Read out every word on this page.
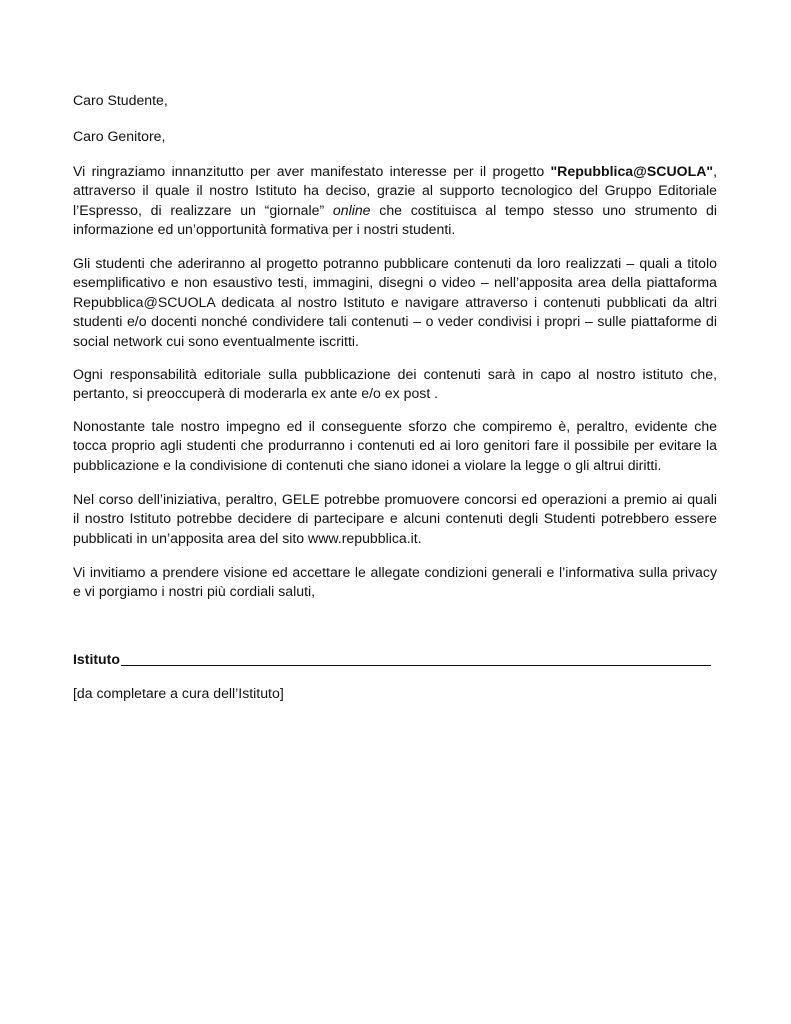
Caro Studente,

Caro Genitore,

Vi ringraziamo innanzitutto per aver manifestato interesse per il progetto "Repubblica@SCUOLA", attraverso il quale il nostro Istituto ha deciso, grazie al supporto tecnologico del Gruppo Editoriale l’Espresso, di realizzare un “giornale” online che costituisca al tempo stesso uno strumento di informazione ed un’opportunità formativa per i nostri studenti.

Gli studenti che aderiranno al progetto potranno pubblicare contenuti da loro realizzati – quali a titolo esemplificativo e non esaustivo testi, immagini, disegni o video – nell’apposita area della piattaforma Repubblica@SCUOLA dedicata al nostro Istituto e navigare attraverso i contenuti pubblicati da altri studenti e/o docenti nonché condividere tali contenuti – o veder condivisi i propri – sulle piattaforme di social network cui sono eventualmente iscritti.

Ogni responsabilità editoriale sulla pubblicazione dei contenuti sarà in capo al nostro istituto che, pertanto, si preoccuperà di moderarla ex ante e/o ex post .

Nonostante tale nostro impegno ed il conseguente sforzo che compiremo è, peraltro, evidente che tocca proprio agli studenti che produrranno i contenuti ed ai loro genitori fare il possibile per evitare la pubblicazione e la condivisione di contenuti che siano idonei a violare la legge o gli altrui diritti.

Nel corso dell’iniziativa, peraltro, GELE potrebbe promuovere concorsi ed operazioni a premio ai quali il nostro Istituto potrebbe decidere di partecipare e alcuni contenuti degli Studenti potrebbero essere pubblicati in un’apposita area del sito www.repubblica.it.

Vi invitiamo a prendere visione ed accettare le allegate condizioni generali e l’informativa sulla privacy e vi porgiamo i nostri più cordiali saluti,

Istituto

[da completare a cura dell’Istituto]
